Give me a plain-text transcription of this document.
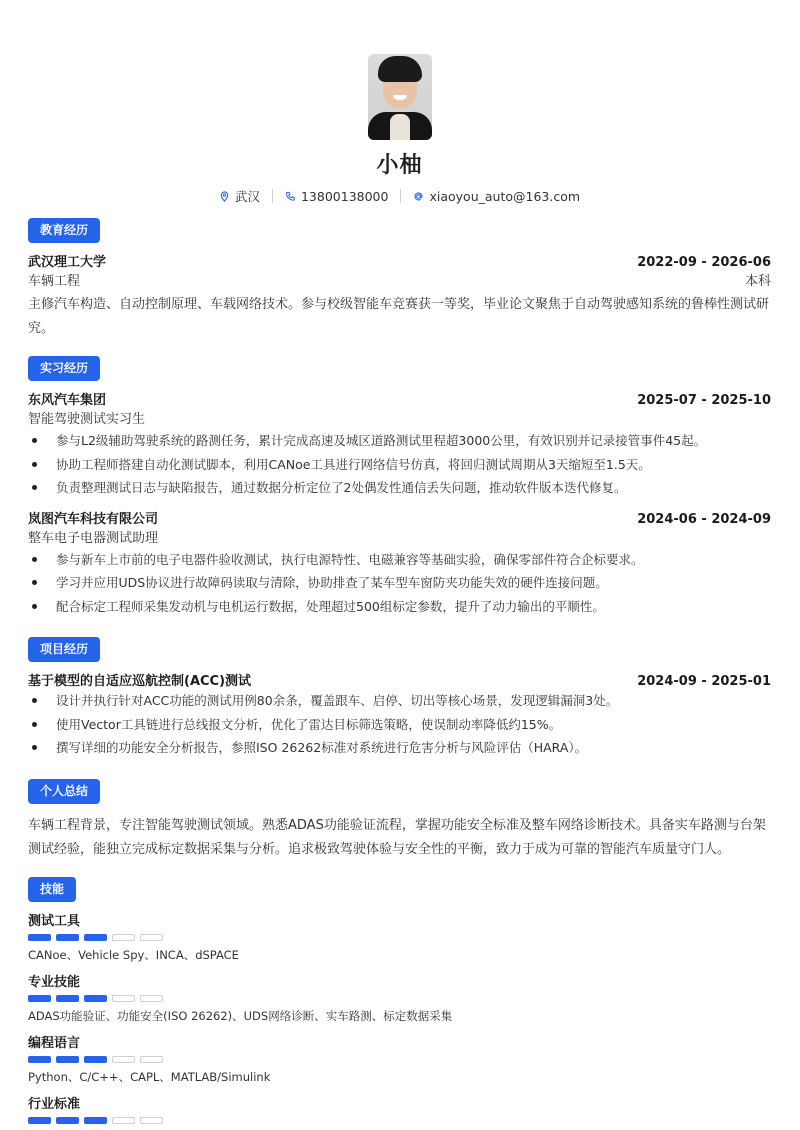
小柚
武汉	13800138000	xiaoyou_auto@163.com
教育经历
武汉理工大学	2022-09 - 2026-06
车辆工程	本科
主修汽车构造、自动控制原理、车载网络技术。参与校级智能车竞赛获一等奖，毕业论文聚焦于自动驾驶感知系统的鲁棒性测试研究。
实习经历
东风汽车集团	2025-07 - 2025-10
智能驾驶测试实习生
参与L2级辅助驾驶系统的路测任务，累计完成高速及城区道路测试里程超3000公里，有效识别并记录接管事件45起。
协助工程师搭建自动化测试脚本，利用CANoe工具进行网络信号仿真，将回归测试周期从3天缩短至1.5天。
负责整理测试日志与缺陷报告，通过数据分析定位了2处偶发性通信丢失问题，推动软件版本迭代修复。
岚图汽车科技有限公司	2024-06 - 2024-09
整车电子电器测试助理
参与新车上市前的电子电器件验收测试，执行电源特性、电磁兼容等基础实验，确保零部件符合企标要求。
学习并应用UDS协议进行故障码读取与清除，协助排查了某车型车窗防夹功能失效的硬件连接问题。
配合标定工程师采集发动机与电机运行数据，处理超过500组标定参数，提升了动力输出的平顺性。
项目经历
基于模型的自适应巡航控制(ACC)测试	2024-09 - 2025-01
设计并执行针对ACC功能的测试用例80余条，覆盖跟车、启停、切出等核心场景，发现逻辑漏洞3处。
使用Vector工具链进行总线报文分析，优化了雷达目标筛选策略，使误制动率降低约15%。
撰写详细的功能安全分析报告，参照ISO 26262标准对系统进行危害分析与风险评估（HARA）。
个人总结
车辆工程背景，专注智能驾驶测试领域。熟悉ADAS功能验证流程，掌握功能安全标准及整车网络诊断技术。具备实车路测与台架测试经验，能独立完成标定数据采集与分析。追求极致驾驶体验与安全性的平衡，致力于成为可靠的智能汽车质量守门人。
技能
测试工具
CANoe、Vehicle Spy、INCA、dSPACE
专业技能
ADAS功能验证、功能安全(ISO 26262)、UDS网络诊断、实车路测、标定数据采集
编程语言
Python、C/C++、CAPL、MATLAB/Simulink
行业标准
